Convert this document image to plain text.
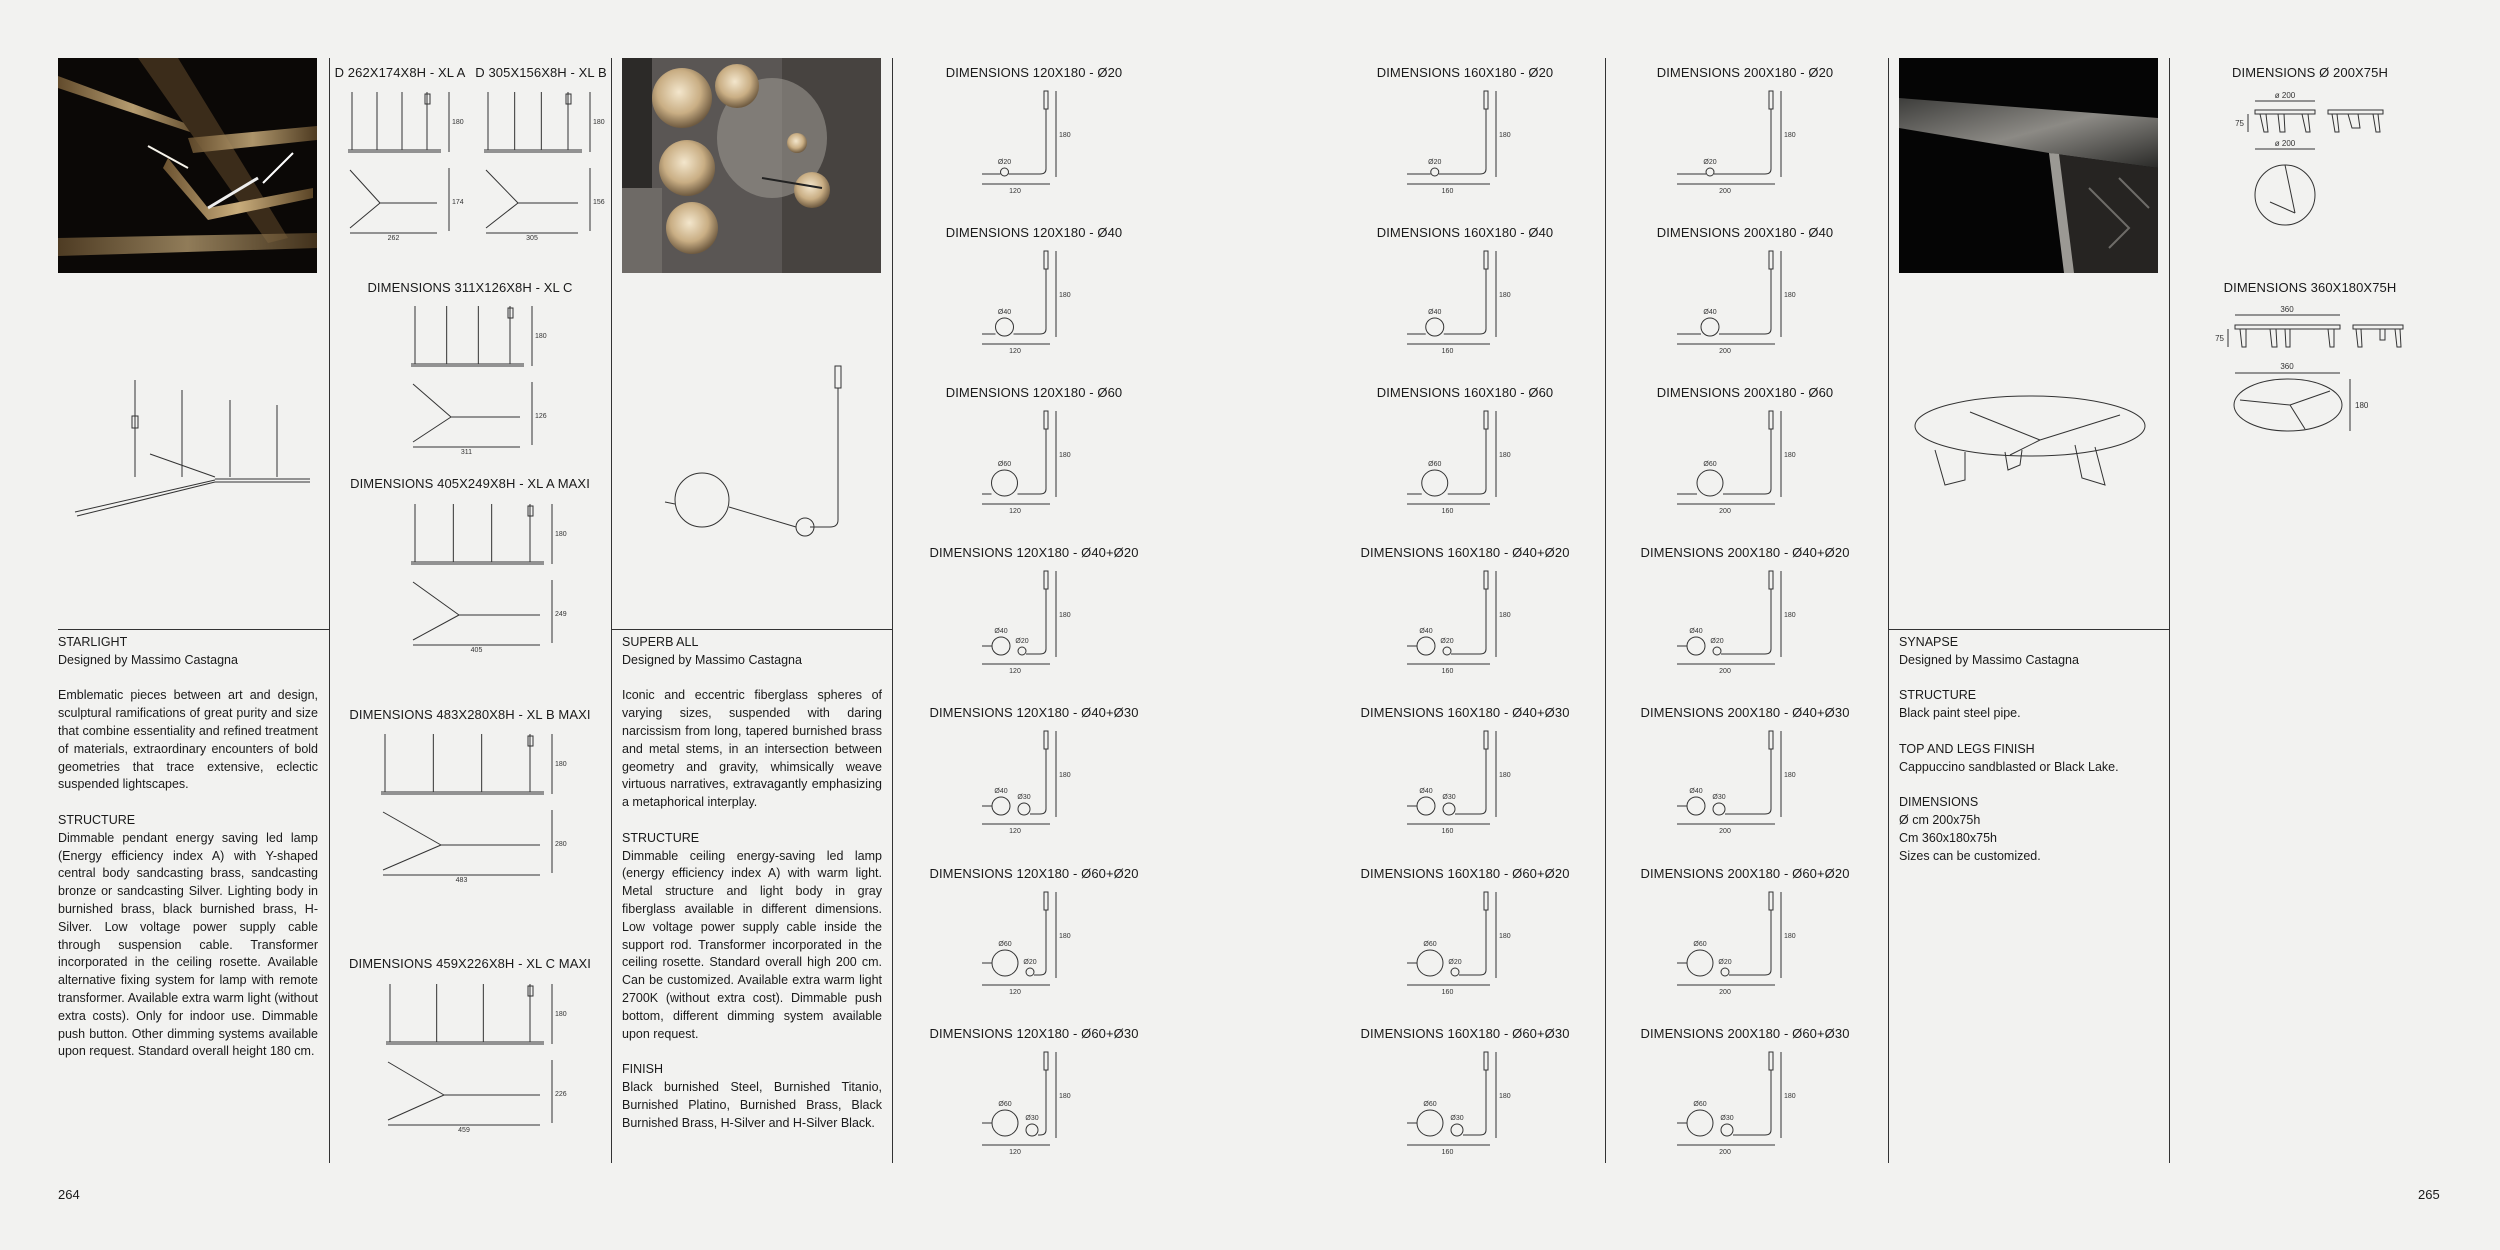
STARLIGHT

Designed by Massimo Castagna

Emblematic pieces between art and design, sculptural ramifications of great purity and size that combine essentiality and refined treatment of materials, extraordinary encounters of bold geometries that trace extensive, eclectic suspended lightscapes.

STRUCTURE

Dimmable pendant energy saving led lamp (Energy efficiency index A) with Y-shaped central body sandcasting brass, sandcasting bronze or sandcasting Silver. Lighting body in burnished brass, black burnished brass, H-Silver. Low voltage power supply cable through suspension cable. Transformer incorporated in the ceiling rosette. Available alternative fixing system for lamp with remote transformer. Available extra warm light (without extra costs). Only for indoor use. Dimmable push button. Other dimming systems available upon request. Standard overall height 180 cm.

D 262X174X8H - XL A
180
174
262
D 305X156X8H - XL B
180
156
305
DIMENSIONS 311X126X8H - XL C
180
126
311
DIMENSIONS 405X249X8H - XL A MAXI
180
249
405
DIMENSIONS 483X280X8H - XL B MAXI
180
280
483
DIMENSIONS 459X226X8H - XL C MAXI
180
226
459

SUPERB ALL

Designed by Massimo Castagna

Iconic and eccentric fiberglass spheres of varying sizes, suspended with daring narcissism from long, tapered burnished brass and metal stems, in an intersection between geometry and gravity, whimsically weave virtuous narratives, extravagantly emphasizing a metaphorical interplay.

STRUCTURE

Dimmable ceiling energy-saving led lamp (energy efficiency index A) with warm light. Metal structure and light body in gray fiberglass available in different dimensions. Low voltage power supply cable inside the support rod. Transformer incorporated in the ceiling rosette. Standard overall high 200 cm. Can be customized. Available extra warm light 2700K (without extra cost). Dimmable push bottom, different dimming system available upon request.

FINISH

Black burnished Steel, Burnished Titanio, Burnished Platino, Burnished Brass, Black Burnished Brass, H-Silver and H-Silver Black.

DIMENSIONS 120X180 - Ø20
180
Ø20
120
DIMENSIONS 120X180 - Ø40
180
Ø40
120
DIMENSIONS 120X180 - Ø60
180
Ø60
120
DIMENSIONS 120X180 - Ø40+Ø20
180
Ø40
Ø20
120
DIMENSIONS 120X180 - Ø40+Ø30
180
Ø40
Ø30
120
DIMENSIONS 120X180 - Ø60+Ø20
180
Ø60
Ø20
120
DIMENSIONS 120X180 - Ø60+Ø30
180
Ø60
Ø30
120
DIMENSIONS 160X180 - Ø20
180
Ø20
160
DIMENSIONS 160X180 - Ø40
180
Ø40
160
DIMENSIONS 160X180 - Ø60
180
Ø60
160
DIMENSIONS 160X180 - Ø40+Ø20
180
Ø40
Ø20
160
DIMENSIONS 160X180 - Ø40+Ø30
180
Ø40
Ø30
160
DIMENSIONS 160X180 - Ø60+Ø20
180
Ø60
Ø20
160
DIMENSIONS 160X180 - Ø60+Ø30
180
Ø60
Ø30
160
DIMENSIONS 200X180 - Ø20
180
Ø20
200
DIMENSIONS 200X180 - Ø40
180
Ø40
200
DIMENSIONS 200X180 - Ø60
180
Ø60
200
DIMENSIONS 200X180 - Ø40+Ø20
180
Ø40
Ø20
200
DIMENSIONS 200X180 - Ø40+Ø30
180
Ø40
Ø30
200
DIMENSIONS 200X180 - Ø60+Ø20
180
Ø60
Ø20
200
DIMENSIONS 200X180 - Ø60+Ø30
180
Ø60
Ø30
200

SYNAPSE

Designed by Massimo Castagna

STRUCTURE

Black paint steel pipe.

TOP AND LEGS FINISH

Cappuccino sandblasted or Black Lake.

DIMENSIONS

Ø cm 200x75h

Cm 360x180x75h

Sizes can be customized.

DIMENSIONS Ø 200X75H
ø 200
75
ø 200
DIMENSIONS 360X180X75H
360
75
360
180
264	265
